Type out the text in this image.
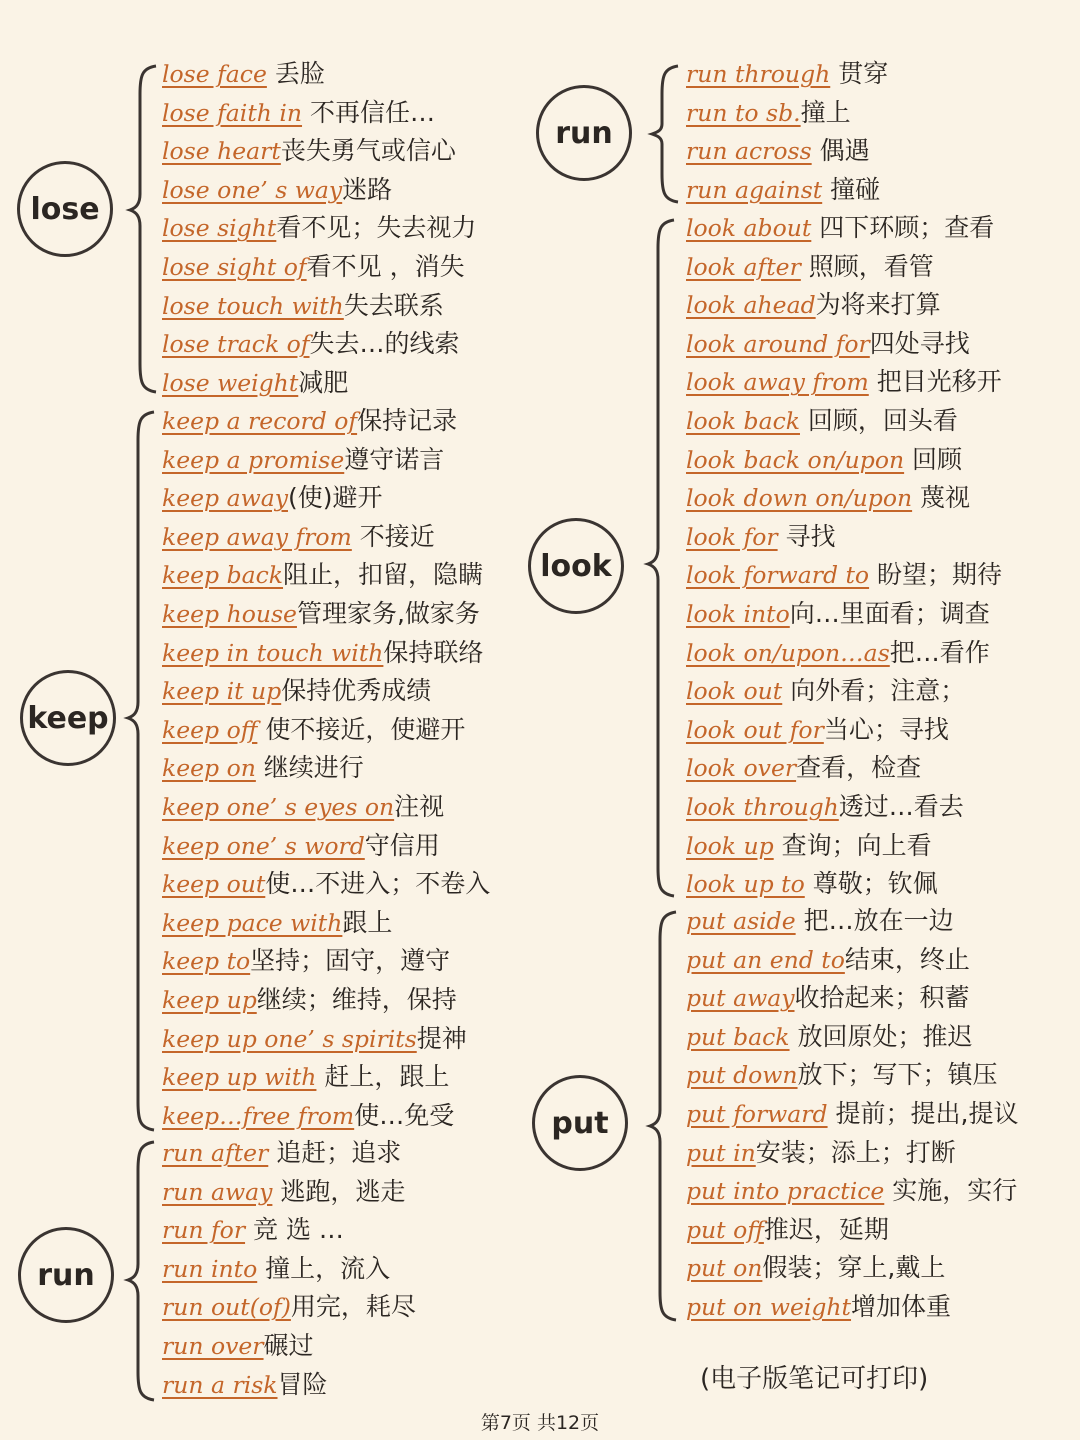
lose
lose face 丢脸
lose faith in 不再信任…
lose heart丧失勇气或信心
lose one’ s way迷路
lose sight看不见；失去视力
lose sight of看不见 ，消失
lose touch with失去联系
lose track of失去…的线索
lose weight减肥
keep
keep a record of保持记录
keep a promise遵守诺言
keep away(使)避开
keep away from 不接近
keep back阻止，扣留，隐瞒
keep house管理家务,做家务
keep in touch with保持联络
keep it up保持优秀成绩
keep off 使不接近，使避开
keep on 继续进行
keep one’ s eyes on注视
keep one’ s word守信用
keep out使…不进入；不卷入
keep pace with跟上
keep to坚持；固守，遵守
keep up继续；维持，保持
keep up one’ s spirits提神
keep up with 赶上，跟上
keep…free from使…免受
run
run after 追赶；追求
run away 逃跑，逃走
run for 竞 选 …
run into 撞上，流入
run out(of)用完，耗尽
run over碾过
run a risk冒险
run
run through 贯穿
run to sb.撞上
run across 偶遇
run against 撞碰
look
look about 四下环顾；查看
look after 照顾，看管
look ahead为将来打算
look around for四处寻找
look away from 把目光移开
look back 回顾，回头看
look back on/upon 回顾
look down on/upon 蔑视
look for 寻找
look forward to 盼望；期待
look into向…里面看；调查
look on/upon…as把…看作
look out 向外看；注意；
look out for当心；寻找
look over查看，检查
look through透过…看去
look up 查询；向上看
look up to 尊敬；钦佩
put
put aside 把…放在一边
put an end to结束，终止
put away收拾起来；积蓄
put back 放回原处；推迟
put down放下；写下；镇压
put forward 提前；提出,提议
put in安装；添上；打断
put into practice 实施，实行
put off推迟，延期
put on假装；穿上,戴上
put on weight增加体重
(电子版笔记可打印)
第7页 共12页
